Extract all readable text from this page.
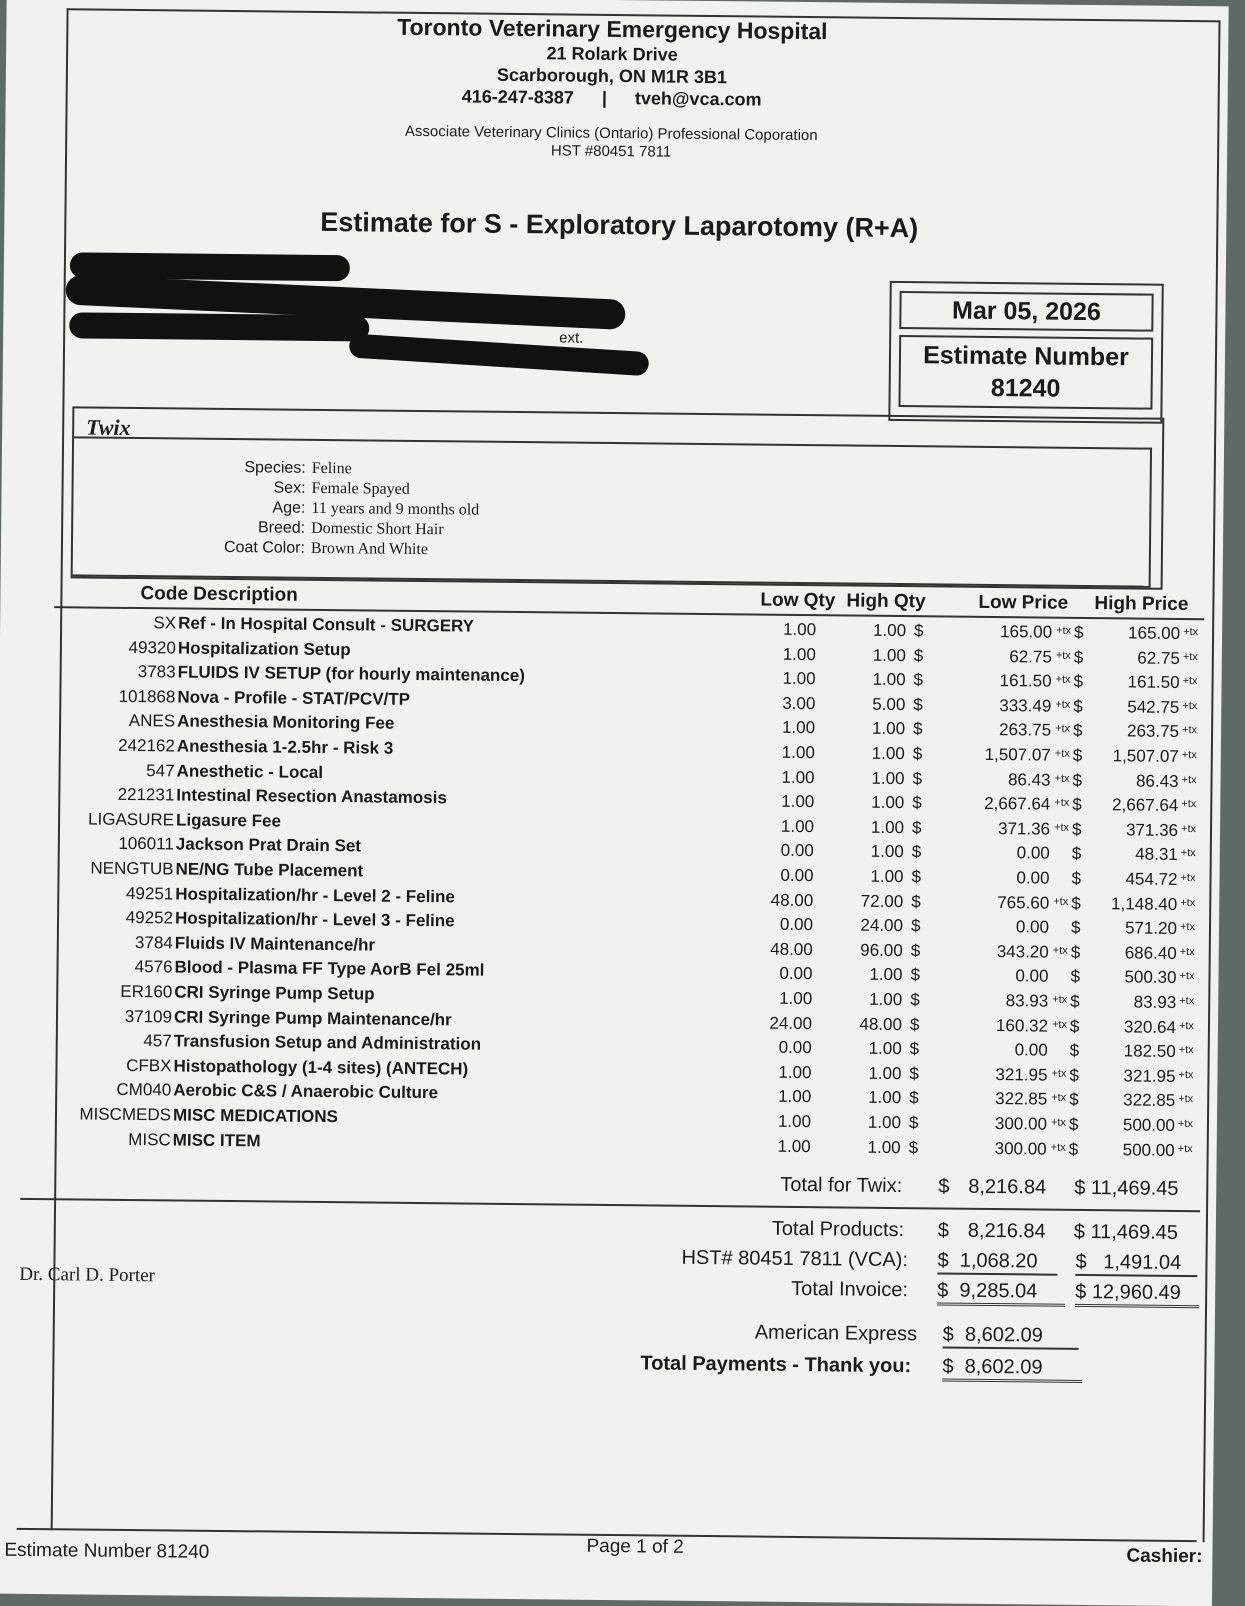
Toronto Veterinary Emergency Hospital
21 Rolark Drive
Scarborough, ON M1R 3B1
416-247-8387 | tveh@vca.com
Associate Veterinary Clinics (Ontario) Professional Coporation
HST #80451 7811
Estimate for S - Exploratory Laparotomy (R+A)
ext.
Mar 05, 2026
Estimate Number
81240
Twix
Species: Feline
Sex: Female Spayed
Age: 11 years and 9 months old
Breed: Domestic Short Hair
Coat Color: Brown And White
Code Description	Low Qty High Qty	Low Price High Price
SX Ref - In Hospital Consult - SURGERY	1.00	1.00 $	165.00 +tx $	165.00 +tx
49320 Hospitalization Setup	1.00	1.00 $	62.75 +tx $	62.75 +tx
3783 FLUIDS IV SETUP (for hourly maintenance)	1.00	1.00 $	161.50 +tx $	161.50 +tx
101868 Nova - Profile - STAT/PCV/TP	3.00	5.00 $	333.49 +tx $	542.75 +tx
ANES Anesthesia Monitoring Fee	1.00	1.00 $	263.75 +tx $	263.75 +tx
242162 Anesthesia 1-2.5hr - Risk 3	1.00	1.00 $	1,507.07 +tx $	1,507.07 +tx
547 Anesthetic - Local	1.00	1.00 $	86.43 +tx $	86.43 +tx
221231 Intestinal Resection Anastamosis	1.00	1.00 $	2,667.64 +tx $	2,667.64 +tx
LIGASURE Ligasure Fee	1.00	1.00 $	371.36 +tx $	371.36 +tx
106011 Jackson Prat Drain Set	0.00	1.00 $	0.00 $	48.31 +tx
NENGTUB NE/NG Tube Placement	0.00	1.00 $	0.00 $	454.72 +tx
49251 Hospitalization/hr - Level 2 - Feline	48.00	72.00 $	765.60 +tx $	1,148.40 +tx
49252 Hospitalization/hr - Level 3 - Feline	0.00	24.00 $	0.00 $	571.20 +tx
3784 Fluids IV Maintenance/hr	48.00	96.00 $	343.20 +tx $	686.40 +tx
4576 Blood - Plasma FF Type AorB Fel 25ml	0.00	1.00 $	0.00 $	500.30 +tx
ER160 CRI Syringe Pump Setup	1.00	1.00 $	83.93 +tx $	83.93 +tx
37109 CRI Syringe Pump Maintenance/hr	24.00	48.00 $	160.32 +tx $	320.64 +tx
457 Transfusion Setup and Administration	0.00	1.00 $	0.00 $	182.50 +tx
CFBX Histopathology (1-4 sites) (ANTECH)	1.00	1.00 $	321.95 +tx $	321.95 +tx
CM040 Aerobic C&S / Anaerobic Culture	1.00	1.00 $	322.85 +tx $	322.85 +tx
MISCMEDS MISC MEDICATIONS	1.00	1.00 $	300.00 +tx $	500.00 +tx
MISC MISC ITEM	1.00	1.00 $	300.00 +tx $	500.00 +tx
Total for Twix: $ 8,216.84 $ 11,469.45
Total Products: $ 8,216.84 $ 11,469.45
HST# 80451 7811 (VCA): $ 1,068.20	$ 1,491.04
Total Invoice: $ 9,285.04	$ 12,960.49
American Express $ 8,602.09
Total Payments - Thank you: $ 8,602.09
Dr. Carl D. Porter
Estimate Number 81240	Page 1 of 2	Cashier:
